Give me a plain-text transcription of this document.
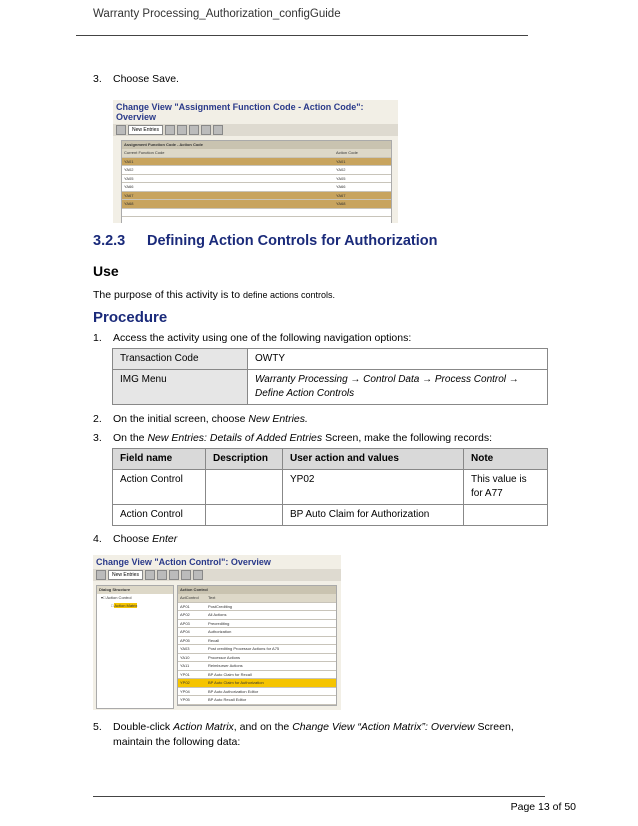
Warranty Processing_Authorization_configGuide
3. Choose Save.
Change View "Assignment Function Code - Action Code": Overview
New Entries
Assignment Function Code - Action Code
Current Function Code	Action Code
YA01	YA01
YA02	YA02
YA05	YA05
YA66	YA66
YA67	YA67
YA68	YA68
3.2.3 Defining Action Controls for Authorization
Use
The purpose of this activity is to define actions controls.
Procedure
1. Access the activity using one of the following navigation options:
Transaction Code	OWTY
IMG Menu	Warranty Processing → Control Data → Process Control →
Define Action Controls
2. On the initial screen, choose New Entries.
3. On the New Entries: Details of Added Entries Screen, make the following records:
Field name	Description	User action and values	Note
Action Control		YP02	This value is for A77
Action Control		BP Auto Claim for Authorization	
4. Choose Enter
Change View "Action Control": Overview
New Entries
Dialog Structure
▾□ Action Control
□ Action Matrix
Action Control
ActControl	Text
AP01	PostCrediting
AP02	All Actions
AP03	Precrediting
AP04	Authorization
AP05	Recall
YA03	Post crediting Processor Actions for A75
YA10	Processor Actions
YA11	Reimburser Actions
YP01	BP Auto Claim for Recall
YP02	BP Auto Claim for Authorization
YP04	BP Auto Authorization Editor
YP05	BP Auto Recall Editor
5. Double-click Action Matrix, and on the Change View “Action Matrix”: Overview Screen,
maintain the following data:
Page 13 of 50
